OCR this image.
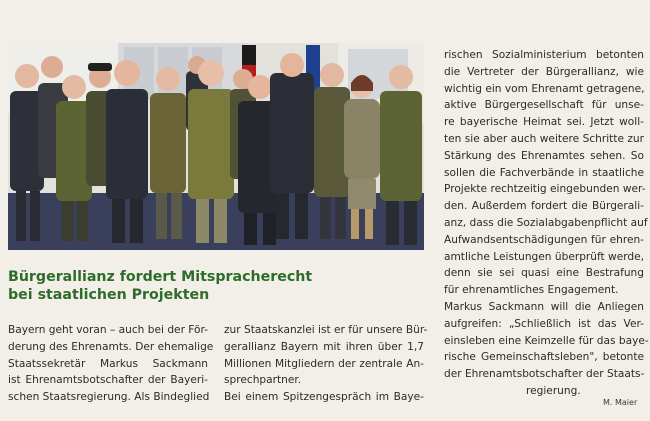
Bürgerallianz fordert Mitspracherecht
bei staatlichen Projekten
Bayern geht voran – auch bei der För-
derung des Ehrenamts. Der ehemalige
Staatssekretär Markus Sackmann
ist Ehrenamtsbotschafter der Bayeri-
schen Staatsregierung. Als Bindeglied
zur Staatskanzlei ist er für unsere Bür-
gerallianz Bayern mit ihren über 1,7
Millionen Mitgliedern der zentrale An-
sprechpartner.
Bei einem Spitzengespräch im Baye-
rischen Sozialministerium betonten
die Vertreter der Bürgerallianz, wie
wichtig ein vom Ehrenamt getragene,
aktive Bürgergesellschaft für unse-
re bayerische Heimat sei. Jetzt woll-
ten sie aber auch weitere Schritte zur
Stärkung des Ehrenamtes sehen. So
sollen die Fachverbände in staatliche
Projekte rechtzeitig eingebunden wer-
den. Außerdem fordert die Bürgerali-
anz, dass die Sozialabgabenpflicht auf
Aufwandsentschädigungen für ehren-
amtliche Leistungen überprüft werde,
denn sie sei quasi eine Bestrafung
für ehrenamtliches Engagement.
Markus Sackmann will die Anliegen
aufgreifen: „Schließlich ist das Ver-
einsleben eine Keimzelle für das baye-
rische Gemeinschaftsleben", betonte
der Ehrenamtsbotschafter der Staats-
regierung.
M. Maier
